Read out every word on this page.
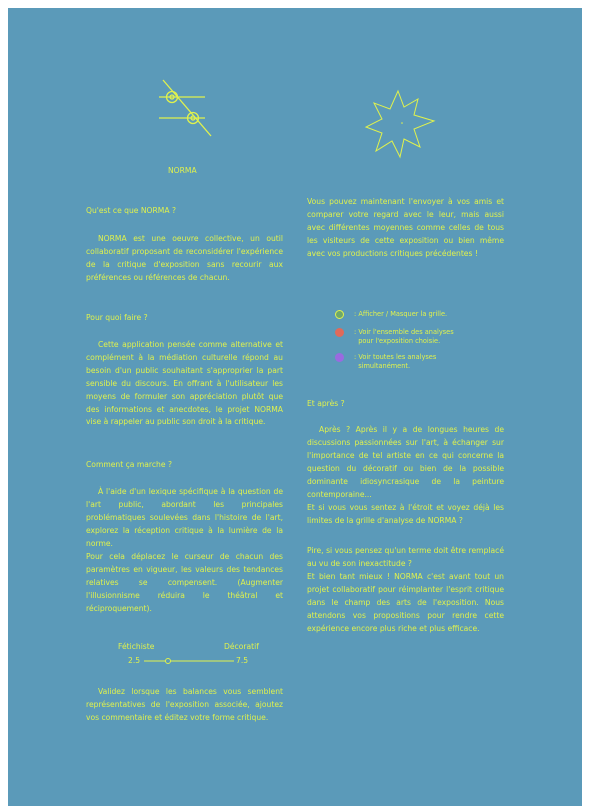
NORMA
Qu'est ce que NORMA ?
NORMA est une oeuvre collective, un outil collaboratif proposant de reconsidérer l'expérience de la critique d'exposition sans recourir aux préférences ou références de chacun.
Pour quoi faire ?
Cette application pensée comme alternative et complément à la médiation culturelle répond au besoin d'un public souhaitant s'approprier la part sensible du discours. En offrant à l'utilisateur les moyens de formuler son appréciation plutôt que des informations et anecdotes, le projet NORMA vise à rappeler au public son droit à la critique.
Comment ça marche ?
À l'aide d'un lexique spécifique à la question de l'art public, abordant les principales problématiques soulevées dans l'histoire de l'art, explorez la réception critique à la lumière de la norme.
Pour cela déplacez le curseur de chacun des paramètres en vigueur, les valeurs des tendances relatives se compensent. (Augmenter l'illusionnisme réduira le théâtral et réciproquement).
Fétichiste	Décoratif
2.5	7.5
Validez lorsque les balances vous semblent représentatives de l'exposition associée, ajoutez vos commentaire et éditez votre forme critique.
Vous pouvez maintenant l'envoyer à vos amis et comparer votre regard avec le leur, mais aussi avec différentes moyennes comme celles de tous les visiteurs de cette exposition ou bien même avec vos productions critiques précédentes !
: Afficher / Masquer la grille.
: Voir l'ensemble des analyses
pour l'exposition choisie.
: Voir toutes les analyses
simultanément.
Et après ?
Après ? Après il y a de longues heures de discussions passionnées sur l'art, à échanger sur l'importance de tel artiste en ce qui concerne la question du décoratif ou bien de la possible dominante idiosyncrasique de la peinture contemporaine...
Et si vous vous sentez à l'étroit et voyez déjà les limites de la grille d'analyse de NORMA ?
Pire, si vous pensez qu'un terme doit être remplacé au vu de son inexactitude ?
Et bien tant mieux ! NORMA c'est avant tout un projet collaboratif pour réimplanter l'esprit critique dans le champ des arts de l'exposition. Nous attendons vos propositions pour rendre cette expérience encore plus riche et plus efficace.
